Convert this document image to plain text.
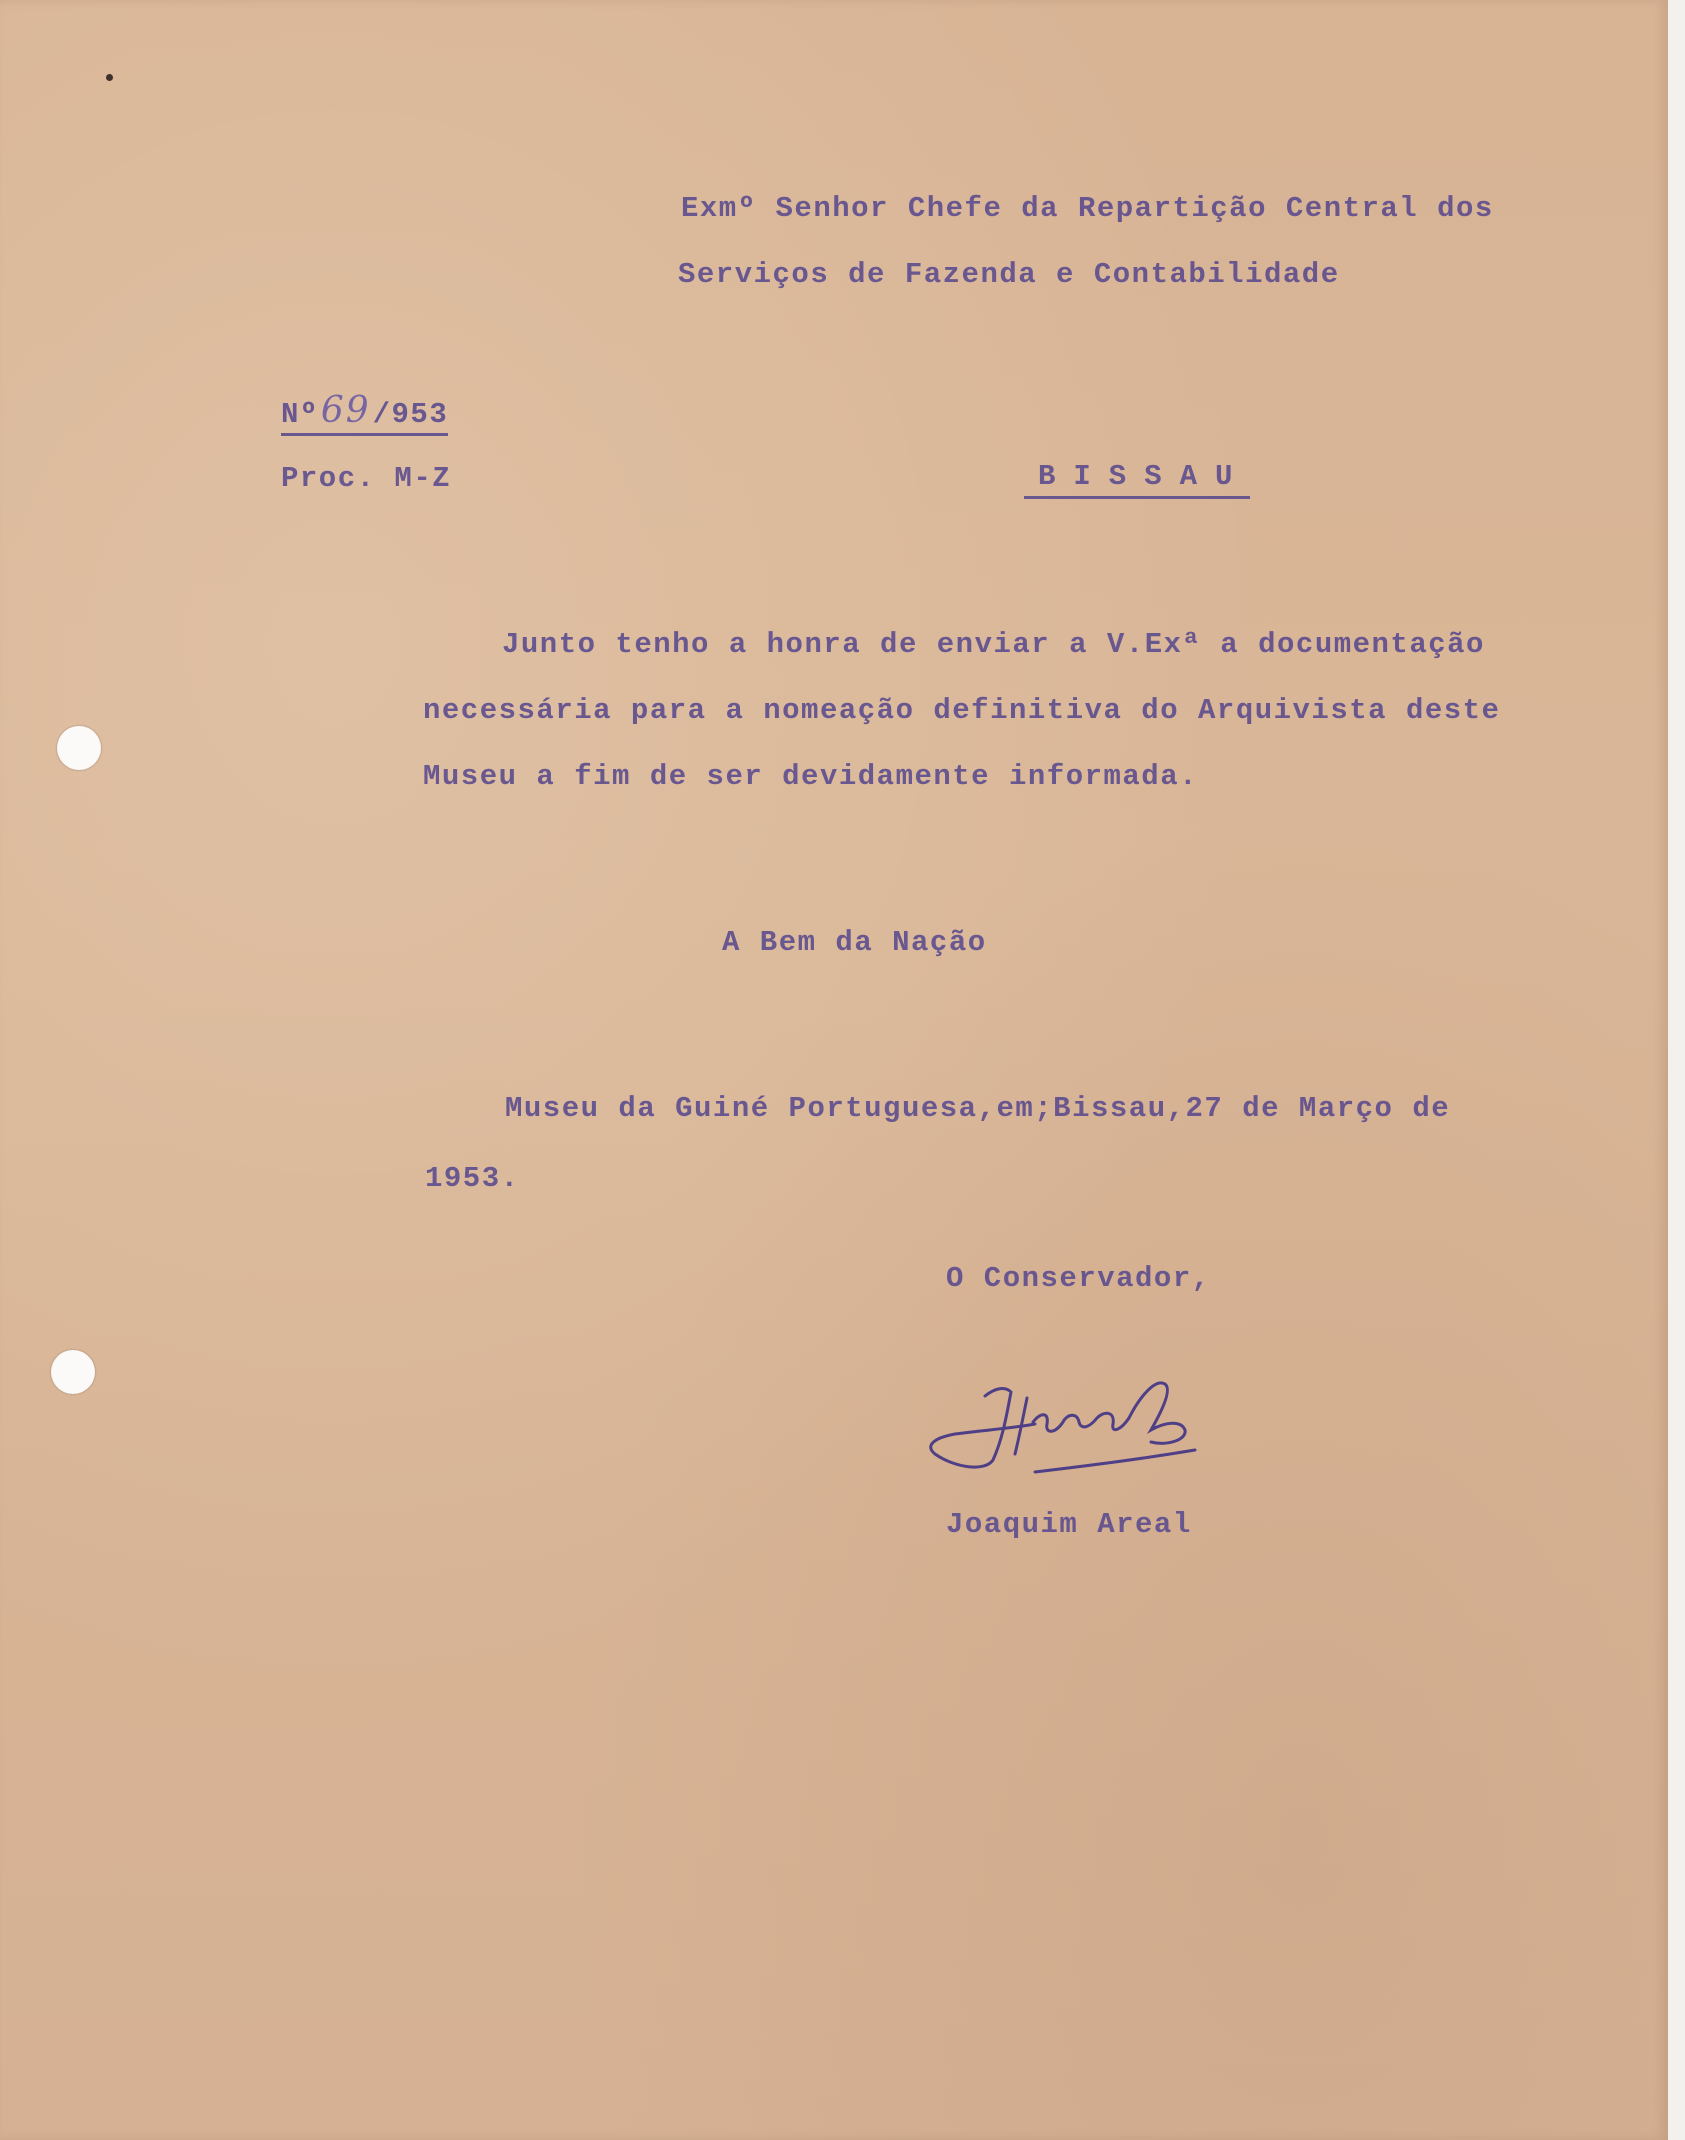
Exmº Senhor Chefe da Repartição Central dos
Serviços de Fazenda e Contabilidade
Nº69/953
Proc. M-Z	BISSAU
Junto tenho a honra de enviar a V.Exª a documentação
necessária para a nomeação definitiva do Arquivista deste
Museu a fim de ser devidamente informada.
A Bem da Nação
Museu da Guiné Portuguesa,em;Bissau,27 de Março de
1953.
O Conservador,
Joaquim Areal
